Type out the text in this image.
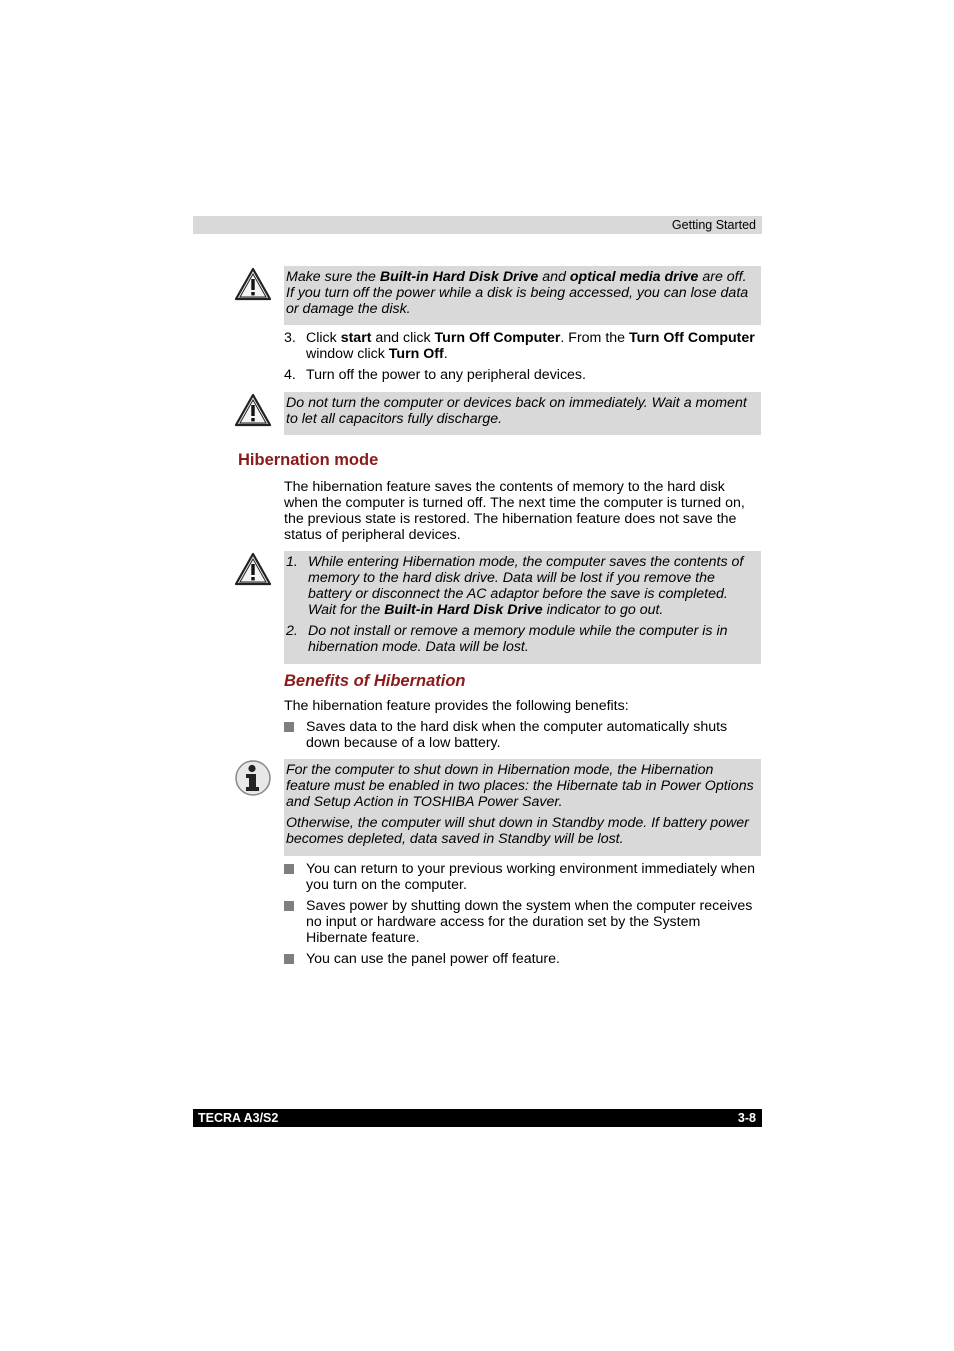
Getting Started

Make sure the Built-in Hard Disk Drive and optical media drive are off. If you turn off the power while a disk is being accessed, you can lose data or damage the disk.

3. Click start and click Turn Off Computer. From the Turn Off Computer window click Turn Off.
4. Turn off the power to any peripheral devices.

Do not turn the computer or devices back on immediately. Wait a moment to let all capacitors fully discharge.

Hibernation mode
The hibernation feature saves the contents of memory to the hard disk when the computer is turned off. The next time the computer is turned on, the previous state is restored. The hibernation feature does not save the status of peripheral devices.
1. While entering Hibernation mode, the computer saves the contents of memory to the hard disk drive. Data will be lost if you remove the battery or disconnect the AC adaptor before the save is completed. Wait for the Built-in Hard Disk Drive indicator to go out.
2. Do not install or remove a memory module while the computer is in hibernation mode. Data will be lost.
Benefits of Hibernation
The hibernation feature provides the following benefits:
Saves data to the hard disk when the computer automatically shuts down because of a low battery.

For the computer to shut down in Hibernation mode, the Hibernation feature must be enabled in two places: the Hibernate tab in Power Options and Setup Action in TOSHIBA Power Saver.

Otherwise, the computer will shut down in Standby mode. If battery power becomes depleted, data saved in Standby will be lost.

You can return to your previous working environment immediately when you turn on the computer.
Saves power by shutting down the system when the computer receives no input or hardware access for the duration set by the System Hibernate feature.
You can use the panel power off feature.
TECRA A3/S2	3-8
